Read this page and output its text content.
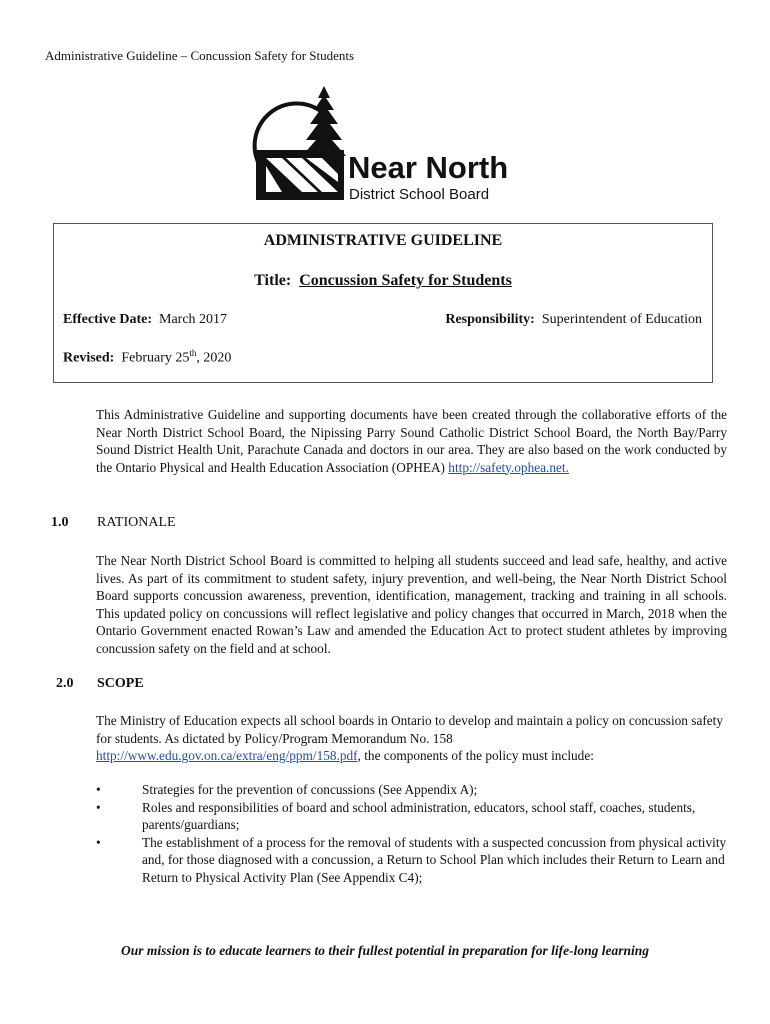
Administrative Guideline – Concussion Safety for Students
Near North
District School Board
ADMINISTRATIVE GUIDELINE
Title: Concussion Safety for Students
Effective Date: March 2017	Responsibility: Superintendent of Education
Revised: February 25th, 2020
This Administrative Guideline and supporting documents have been created through the collaborative efforts of the Near North District School Board, the Nipissing Parry Sound Catholic District School Board, the North Bay/Parry Sound District Health Unit, Parachute Canada and doctors in our area. They are also based on the work conducted by the Ontario Physical and Health Education Association (OPHEA) http://safety.ophea.net.
1.0 RATIONALE
The Near North District School Board is committed to helping all students succeed and lead safe, healthy, and active lives. As part of its commitment to student safety, injury prevention, and well-being, the Near North District School Board supports concussion awareness, prevention, identification, management, tracking and training in all schools. This updated policy on concussions will reflect legislative and policy changes that occurred in March, 2018 when the Ontario Government enacted Rowan’s Law and amended the Education Act to protect student athletes by improving concussion safety on the field and at school.
2.0 SCOPE
The Ministry of Education expects all school boards in Ontario to develop and maintain a policy on concussion safety for students. As dictated by Policy/Program Memorandum No. 158
http://www.edu.gov.on.ca/extra/eng/ppm/158.pdf, the components of the policy must include:
•	Strategies for the prevention of concussions (See Appendix A);
•	Roles and responsibilities of board and school administration, educators, school staff, coaches, students, parents/guardians;
•	The establishment of a process for the removal of students with a suspected concussion from physical activity and, for those diagnosed with a concussion, a Return to School Plan which includes their Return to Learn and Return to Physical Activity Plan (See Appendix C4);
Our mission is to educate learners to their fullest potential in preparation for life-long learning
